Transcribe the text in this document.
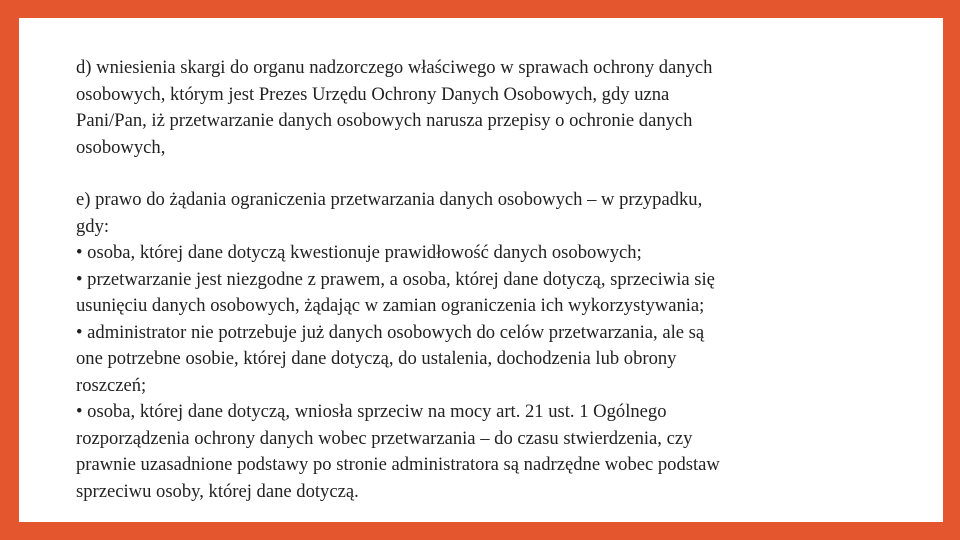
d) wniesienia skargi do organu nadzorczego właściwego w sprawach ochrony danych
osobowych, którym jest Prezes Urzędu Ochrony Danych Osobowych, gdy uzna
Pani/Pan, iż przetwarzanie danych osobowych narusza przepisy o ochronie danych
osobowych,

e) prawo do żądania ograniczenia przetwarzania danych osobowych – w przypadku,
gdy:

• osoba, której dane dotyczą kwestionuje prawidłowość danych osobowych;

• przetwarzanie jest niezgodne z prawem, a osoba, której dane dotyczą, sprzeciwia się
usunięciu danych osobowych, żądając w zamian ograniczenia ich wykorzystywania;

• administrator nie potrzebuje już danych osobowych do celów przetwarzania, ale są
one potrzebne osobie, której dane dotyczą, do ustalenia, dochodzenia lub obrony
roszczeń;

• osoba, której dane dotyczą, wniosła sprzeciw na mocy art. 21 ust. 1 Ogólnego
rozporządzenia ochrony danych wobec przetwarzania – do czasu stwierdzenia, czy
prawnie uzasadnione podstawy po stronie administratora są nadrzędne wobec podstaw
sprzeciwu osoby, której dane dotyczą.
